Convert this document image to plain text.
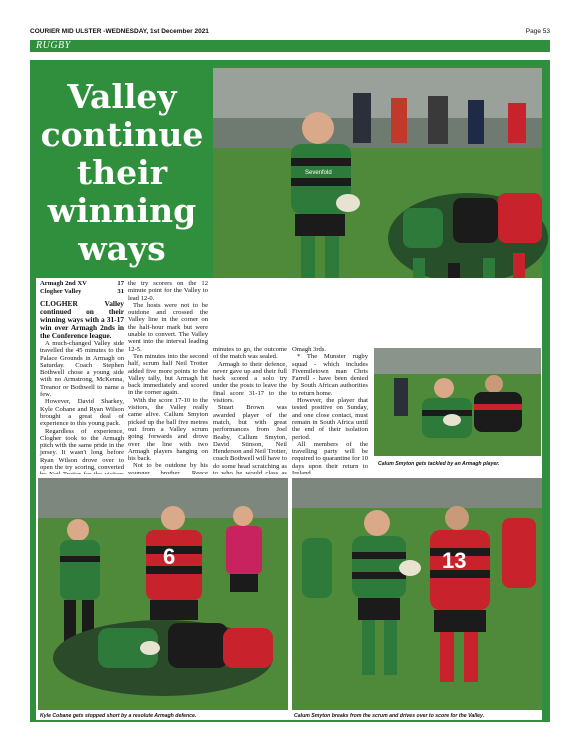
COURIER MID ULSTER -WEDNESDAY, 1st December 2021	Page 53
RUGBY
Valley
continue
their
winning
ways
Sevenfold
Armagh 2nd XV	17
Clogher Valley	31

CLOGHER Valley continued on their winning ways with a 31-17 win over Armagh 2nds in the Conference league.

A much-changed Valley side travelled the 45 minutes to the Palace Grounds in Armagh on Saturday. Coach Stephen Bothwell chose a young side with no Armstrong, McKenna, Treanor or Bothwell to name a few.

However, David Sharkey, Kyle Cobane and Ryan Wilson brought a great deal of experience to this young pack.

Regardless of experience, Clogher took to the Armagh pitch with the same pride in the jersey. It wasn't long before Ryan Wilson drove over to open the try scoring, converted

the try scorers on the 12 minute point for the Valley to lead 12-0.

The hosts were not to be outdone and crossed the Valley line in the corner on the half-hour mark but were unable to convert. The Valley went into the interval leading 12-5.

Ten minutes into the second half, scrum half Neil Trotter added five more points to the Valley tally, but Armagh hit back immediately and scored in the corner again.

With the score 17-10 to the visitors, the Valley really came alive. Callum Smyton picked up the ball five metres out from a Valley scrum going forwards and drove over the line with two Armagh players hanging on his back.

Not to be outdone by his

minutes to go, the outcome of the match was sealed.

Armagh to their defence, never gave up and their full back scored a solo try under the posts to leave the final score 31-17 to the visitors.

Stuart Brown was awarded player of the match, but with great performances from Joel Beaby, Callum Smyton, David Stinson, Neil Henderson and Neil Trotter, coach Bothwell will have to do some head scratching as

Omagh 3rds.

* The Munster rugby squad - which includes Fivemiletown man Chris Farrell - have been denied by South African authorities to return home.

However, the player that tested positive on Sunday, and one close contact, must remain in South Africa until the end of their isolation period.

All members of the travelling party will be required to quarantine for 10 days upon their return to Calum Smyton gets tackled by an Armagh player.
6
Kyle Cobane gets stopped short by a resolute Armagh defence.
13
Calum Smyton breaks from the scrum and drives over to score for the Valley.
